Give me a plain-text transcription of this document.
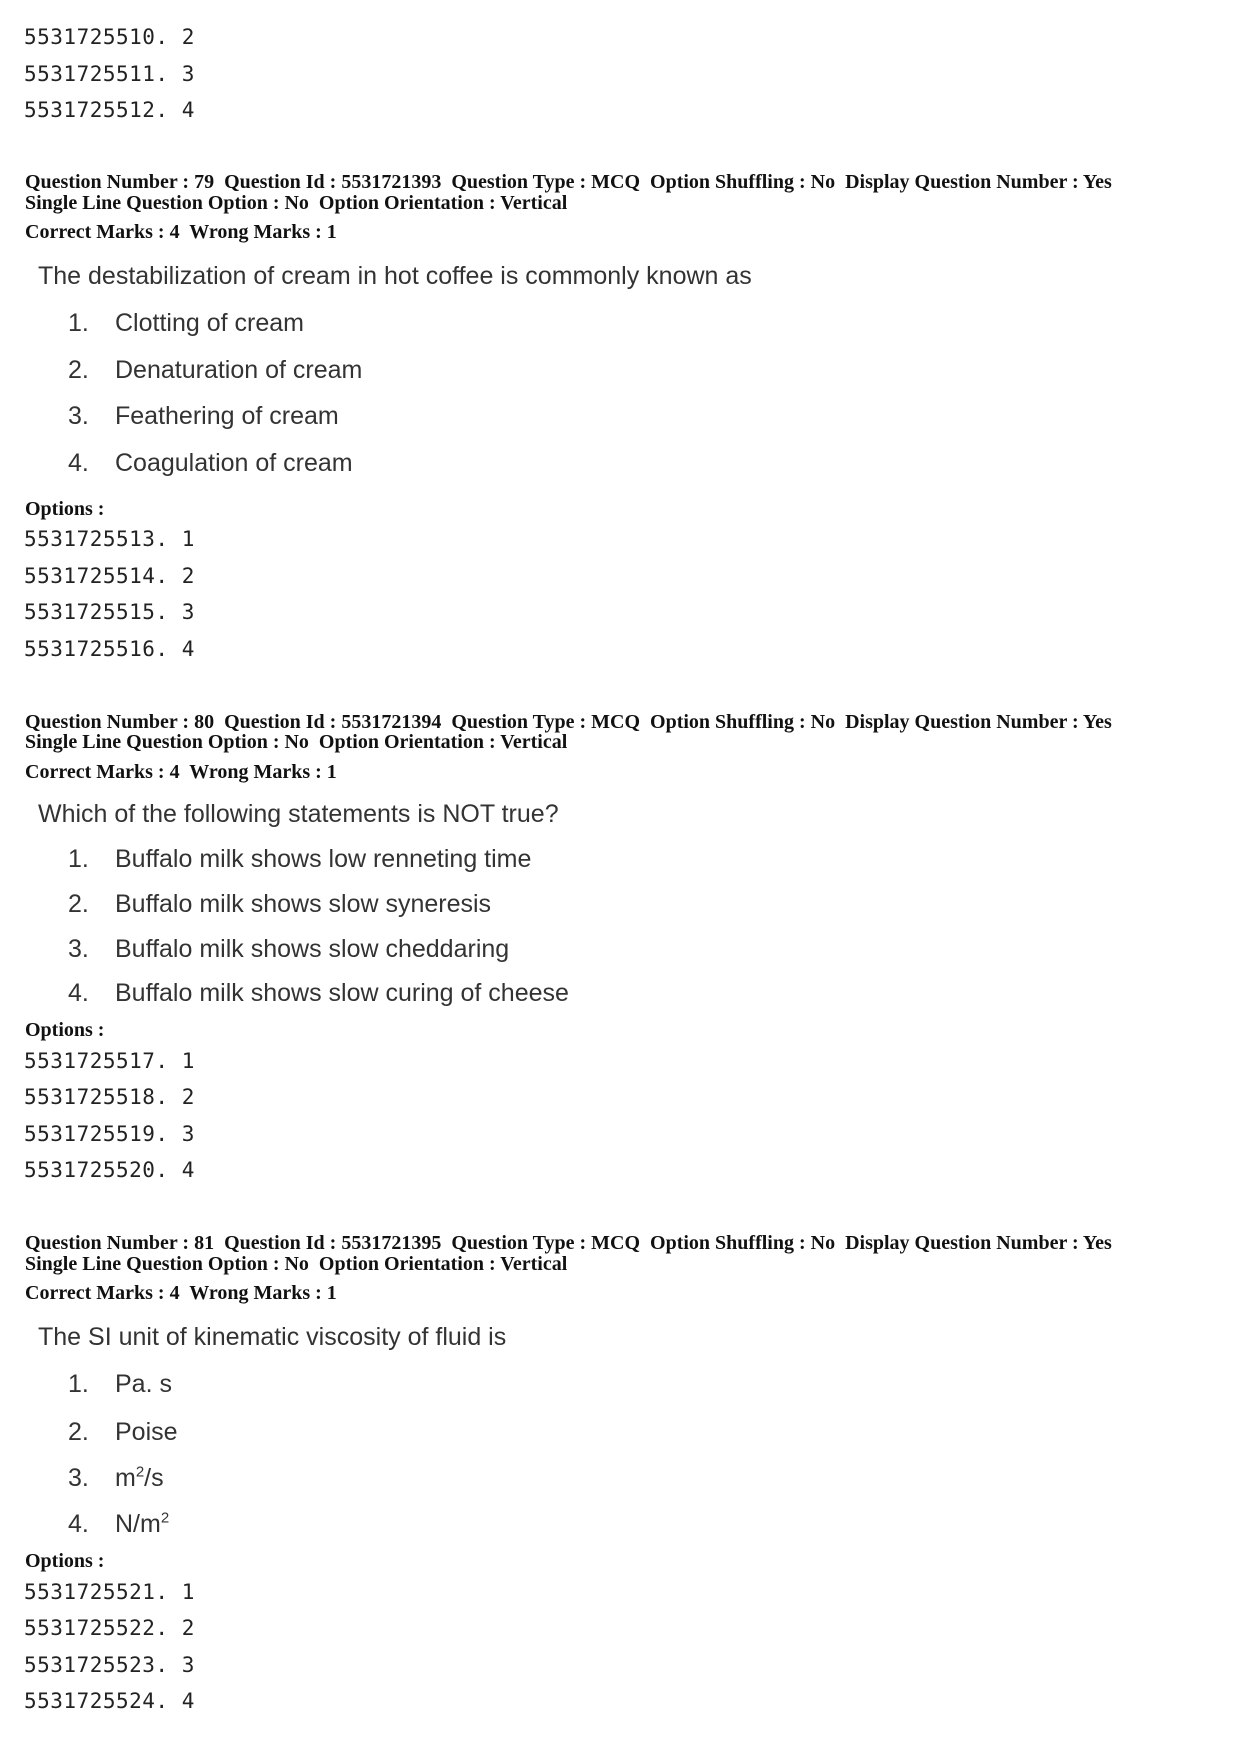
5531725510. 2

5531725511. 3

5531725512. 4

Question Number : 79  Question Id : 5531721393  Question Type : MCQ  Option Shuffling : No  Display Question Number : Yes
Single Line Question Option : No  Option Orientation : Vertical
Correct Marks : 4  Wrong Marks : 1

The destabilization of cream in hot coffee is commonly known as

1. Clotting of cream

2. Denaturation of cream

3. Feathering of cream

4. Coagulation of cream

Options :

5531725513. 1

5531725514. 2

5531725515. 3

5531725516. 4

Question Number : 80  Question Id : 5531721394  Question Type : MCQ  Option Shuffling : No  Display Question Number : Yes
Single Line Question Option : No  Option Orientation : Vertical
Correct Marks : 4  Wrong Marks : 1

Which of the following statements is NOT true?

1. Buffalo milk shows low renneting time

2. Buffalo milk shows slow syneresis

3. Buffalo milk shows slow cheddaring

4. Buffalo milk shows slow curing of cheese

Options :

5531725517. 1

5531725518. 2

5531725519. 3

5531725520. 4

Question Number : 81  Question Id : 5531721395  Question Type : MCQ  Option Shuffling : No  Display Question Number : Yes
Single Line Question Option : No  Option Orientation : Vertical
Correct Marks : 4  Wrong Marks : 1

The SI unit of kinematic viscosity of fluid is

1. Pa. s

2. Poise

3. $m^2/s$

4. $N/m^2$

Options :

5531725521. 1

5531725522. 2

5531725523. 3

5531725524. 4
